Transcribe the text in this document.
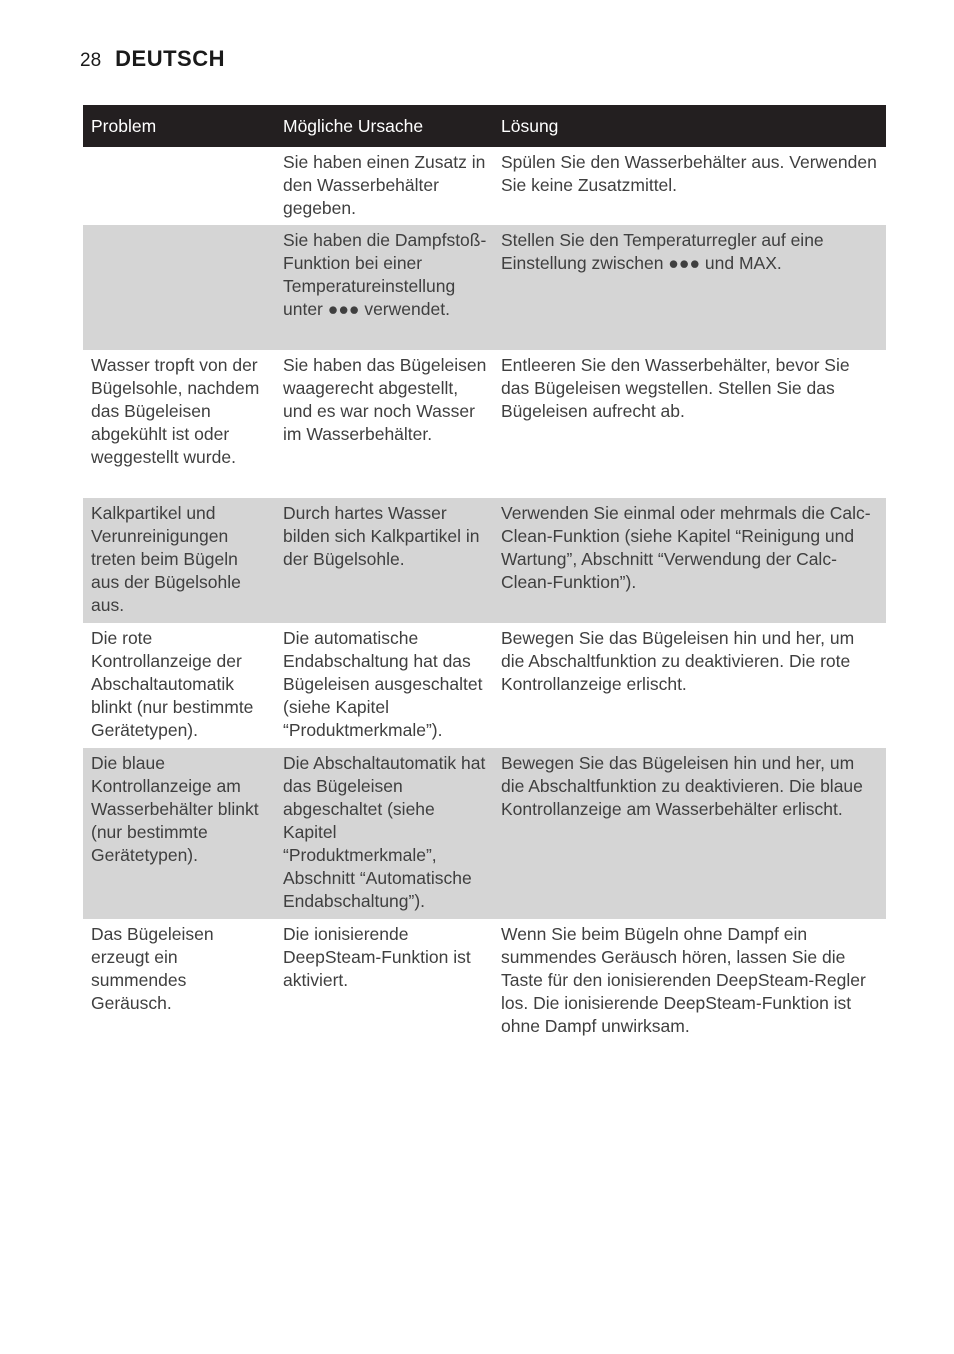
28 DEUTSCH
Problem	Mögliche Ursache	Lösung
	Sie haben einen Zusatz in den Wasserbehälter gegeben.	Spülen Sie den Wasserbehälter aus. Verwenden Sie keine Zusatzmittel.
	Sie haben die Dampfstoß-Funktion bei einer Temperatureinstellung unter ●●● verwendet.	Stellen Sie den Temperaturregler auf eine Einstellung zwischen ●●● und MAX.
Wasser tropft von der Bügelsohle, nachdem das Bügeleisen abgekühlt ist oder weggestellt wurde.	Sie haben das Bügeleisen waagerecht abgestellt, und es war noch Wasser im Wasserbehälter.	Entleeren Sie den Wasserbehälter, bevor Sie das Bügeleisen wegstellen. Stellen Sie das Bügeleisen aufrecht ab.
Kalkpartikel und Verunreinigungen treten beim Bügeln aus der Bügelsohle aus.	Durch hartes Wasser bilden sich Kalkpartikel in der Bügelsohle.	Verwenden Sie einmal oder mehrmals die Calc-Clean-Funktion (siehe Kapitel “Reinigung und Wartung”, Abschnitt “Verwendung der Calc-Clean-Funktion”).
Die rote Kontrollanzeige der Abschaltautomatik blinkt (nur bestimmte Gerätetypen).	Die automatische Endabschaltung hat das Bügeleisen ausgeschaltet (siehe Kapitel “Produktmerkmale”).	Bewegen Sie das Bügeleisen hin und her, um die Abschaltfunktion zu deaktivieren. Die rote Kontrollanzeige erlischt.
Die blaue Kontrollanzeige am Wasserbehälter blinkt (nur bestimmte Gerätetypen).	Die Abschaltautomatik hat das Bügeleisen abgeschaltet (siehe Kapitel “Produktmerkmale”, Abschnitt “Automatische Endabschaltung”).	Bewegen Sie das Bügeleisen hin und her, um die Abschaltfunktion zu deaktivieren. Die blaue Kontrollanzeige am Wasserbehälter erlischt.
Das Bügeleisen erzeugt ein summendes Geräusch.	Die ionisierende DeepSteam-Funktion ist aktiviert.	Wenn Sie beim Bügeln ohne Dampf ein summendes Geräusch hören, lassen Sie die Taste für den ionisierenden DeepSteam-Regler los. Die ionisierende DeepSteam-Funktion ist ohne Dampf unwirksam.
